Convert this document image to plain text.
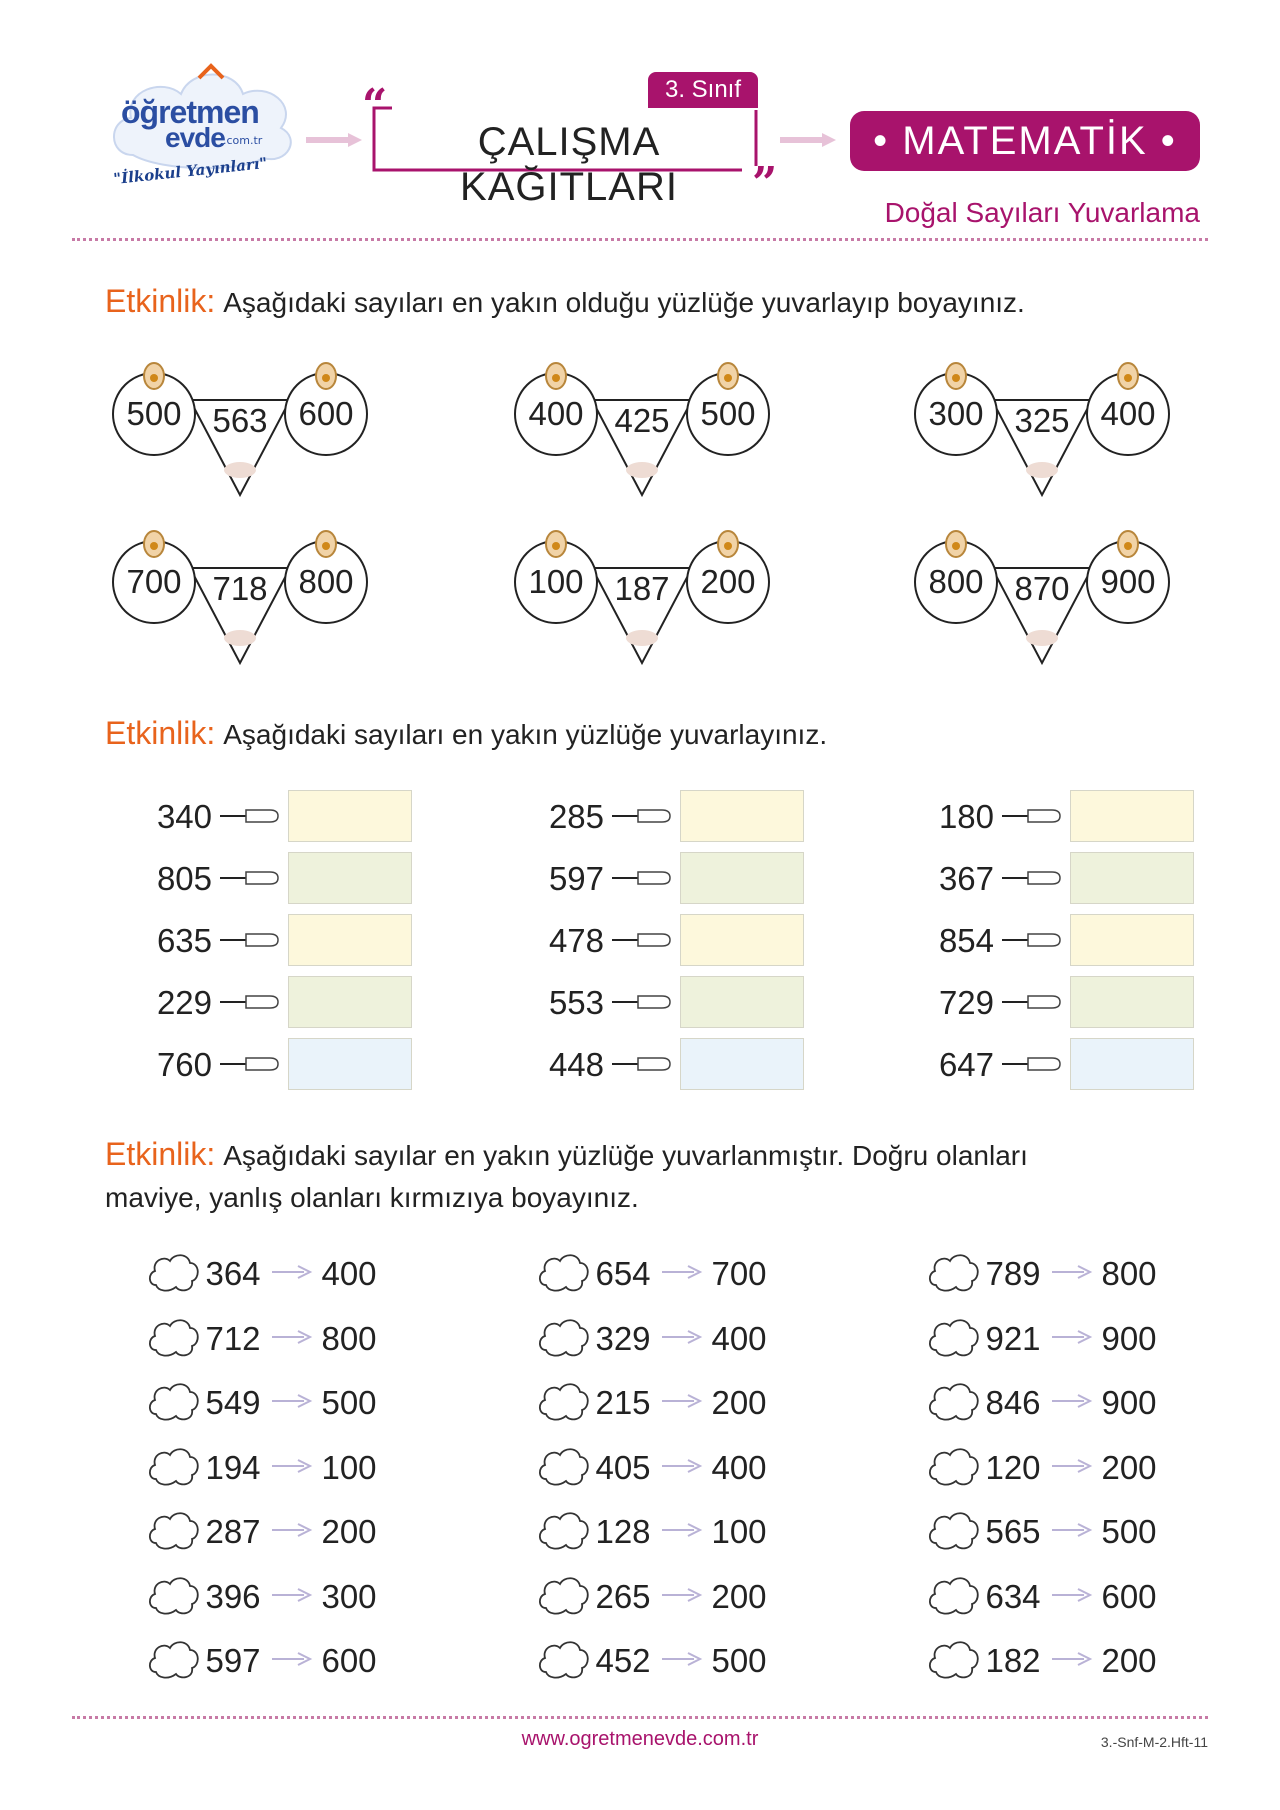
öğretmen
evde
.com.tr
"İlkokul Yayınları"
“	3. Sınıf
ÇALIŞMA KAĞITLARI	”
• MATEMATİK •
Doğal Sayıları Yuvarlama
Etkinlik: Aşağıdaki sayıları en yakın olduğu yüzlüğe yuvarlayıp boyayınız.
500 563 600	400 425 500	300 325 400
700 718 800	100 187 200	800 870 900
Etkinlik: Aşağıdaki sayıları en yakın yüzlüğe yuvarlayınız.
340
805
635
229
760
285
597
478
553
448
180
367
854
729
647
Etkinlik: Aşağıdaki sayılar en yakın yüzlüğe yuvarlanmıştır. Doğru olanları
maviye, yanlış olanları kırmızıya boyayınız.
364 400
712 800
549 500
194 100
287 200
396 300
597 600
654 700
329 400
215 200
405 400
128 100
265 200
452 500
789 800
921 900
846 900
120 200
565 500
634 600
182 200
www.ogretmenevde.com.tr	3.-Snf-M-2.Hft-11
